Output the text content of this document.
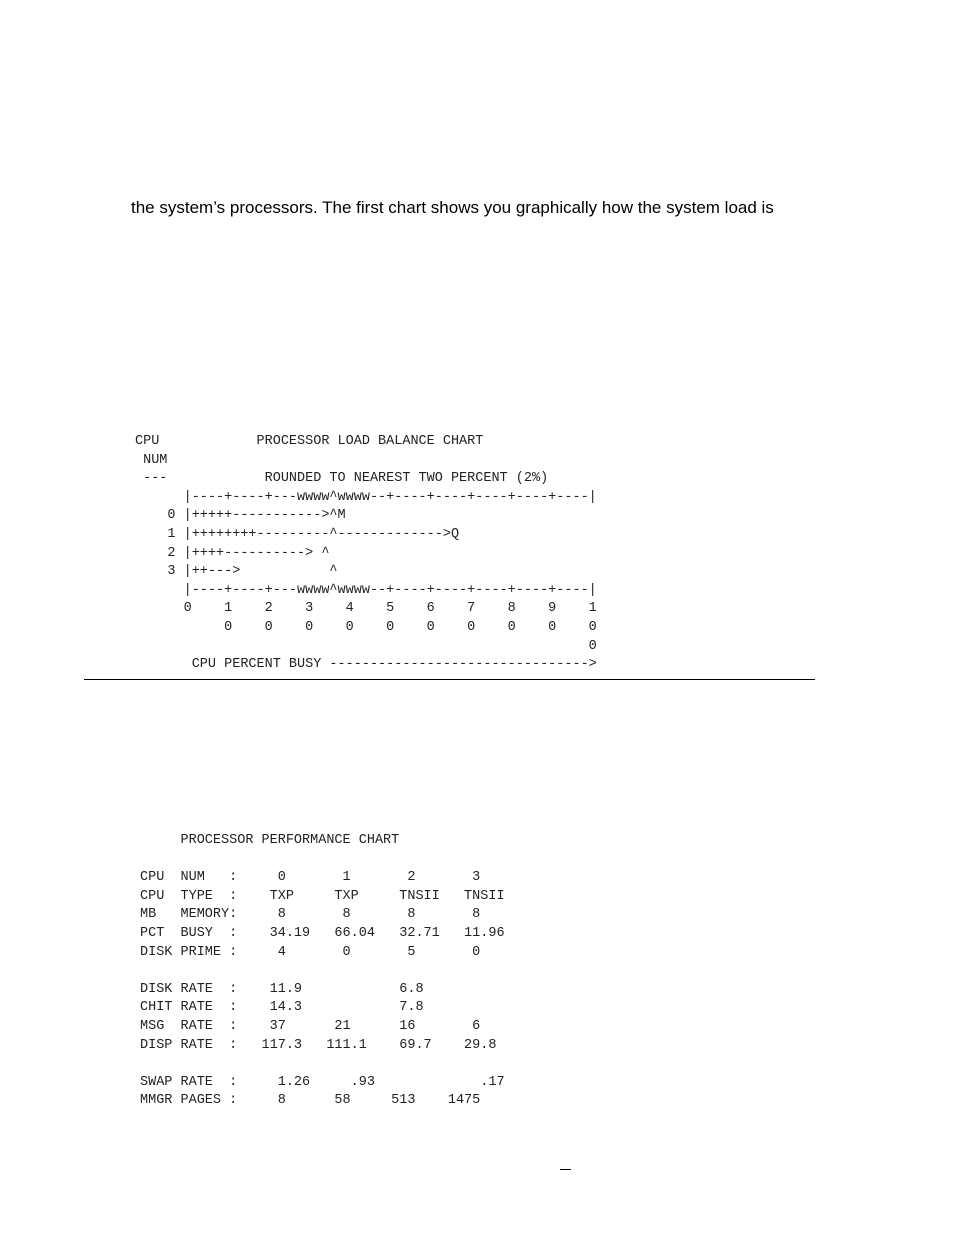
the system’s processors. The first chart shows you graphically how the system load is

CPU            PROCESSOR LOAD BALANCE CHART
NUM
---            ROUNDED TO NEAREST TWO PERCENT (2%)
|----+----+---wwww^wwww--+----+----+----+----+----|
0 |+++++----------->^M
1 |++++++++---------^------------->Q
2 |++++----------> ^
3 |++--->           ^
|----+----+---wwww^wwww--+----+----+----+----+----|
0    1    2    3    4    5    6    7    8    9    1
0    0    0    0    0    0    0    0    0    0
0
CPU PERCENT BUSY -------------------------------->
PROCESSOR PERFORMANCE CHART

CPU  NUM   :     0       1       2       3
CPU  TYPE  :    TXP     TXP     TNSII   TNSII
MB   MEMORY:     8       8       8       8
PCT  BUSY  :    34.19   66.04   32.71   11.96
DISK PRIME :     4       0       5       0

DISK RATE  :    11.9            6.8
CHIT RATE  :    14.3            7.8
MSG  RATE  :    37      21      16       6
DISP RATE  :   117.3   111.1    69.7    29.8

SWAP RATE  :     1.26     .93             .17
MMGR PAGES :     8      58     513    1475
